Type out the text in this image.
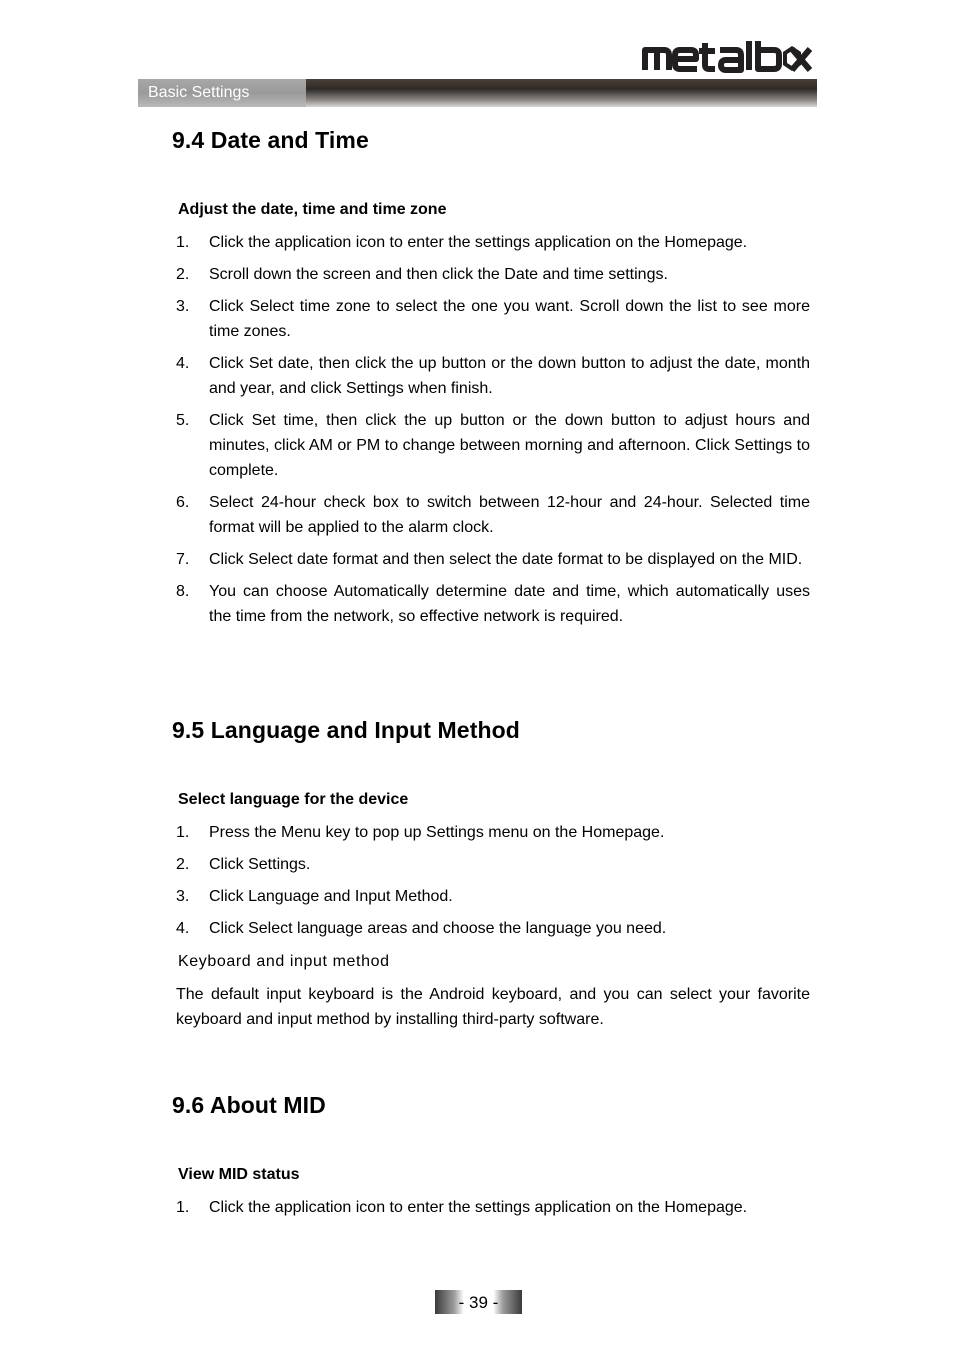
Basic Settings
9.4 Date and Time

Adjust the date, time and time zone

1. Click the application icon to enter the settings application on the Homepage.
2. Scroll down the screen and then click the Date and time settings.
3. Click Select time zone to select the one you want. Scroll down the list to see more time zones.
4. Click Set date, then click the up button or the down button to adjust the date, month and year, and click Settings when finish.
5. Click Set time, then click the up button or the down button to adjust hours and minutes, click AM or PM to change between morning and afternoon. Click Settings to complete.
6. Select 24-hour check box to switch between 12-hour and 24-hour. Selected time format will be applied to the alarm clock.
7. Click Select date format and then select the date format to be displayed on the MID.
8. You can choose Automatically determine date and time, which automatically uses the time from the network, so effective network is required.
9.5 Language and Input Method

Select language for the device

1. Press the Menu key to pop up Settings menu on the Homepage.
2. Click Settings.
3. Click Language and Input Method.
4. Click Select language areas and choose the language you need.

Keyboard and input method

The default input keyboard is the Android keyboard, and you can select your favorite keyboard and input method by installing third-party software.

9.6 About MID

View MID status

1. Click the application icon to enter the settings application on the Homepage.
- 39 -
